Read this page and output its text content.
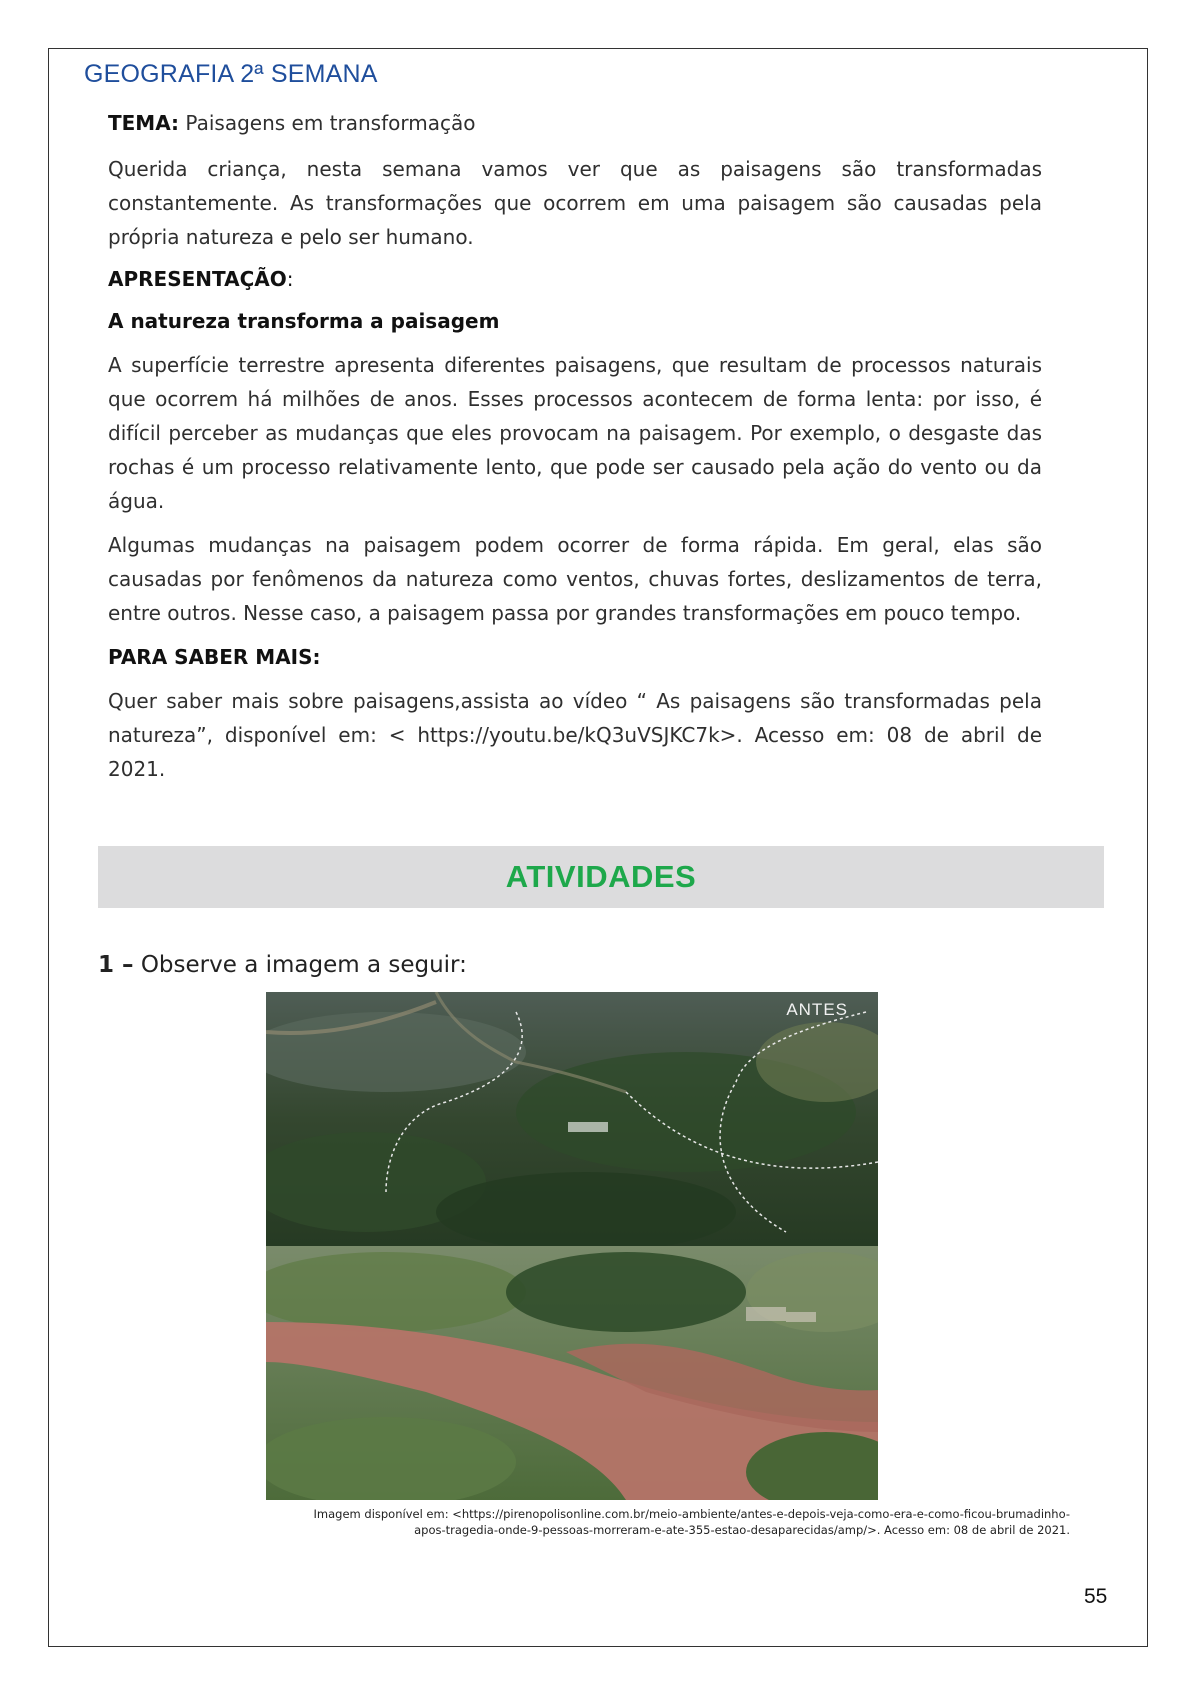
GEOGRAFIA 2ª SEMANA

TEMA: Paisagens em transformação

Querida criança, nesta semana vamos ver que as paisagens são transformadas constantemente. As transformações que ocorrem em uma paisagem são causadas pela própria natureza e pelo ser humano.

APRESENTAÇÃO:

A natureza transforma a paisagem

A superfície terrestre apresenta diferentes paisagens, que resultam de processos naturais que ocorrem há milhões de anos. Esses processos acontecem de forma lenta: por isso, é difícil perceber as mudanças que eles provocam na paisagem. Por exemplo, o desgaste das rochas é um processo relativamente lento, que pode ser causado pela ação do vento ou da água.

Algumas mudanças na paisagem podem ocorrer de forma rápida. Em geral, elas são causadas por fenômenos da natureza como ventos, chuvas fortes, deslizamentos de terra, entre outros. Nesse caso, a paisagem passa por grandes transformações em pouco tempo.

PARA SABER MAIS:

Quer saber mais sobre paisagens,assista ao vídeo “ As paisagens são transformadas pela natureza”, disponível em: < https://youtu.be/kQ3uVSJKC7k>. Acesso em: 08 de abril de 2021.

ATIVIDADES
1 – Observe a imagem a seguir:
ANTES
Imagem disponível em: <https://pirenopolisonline.com.br/meio-ambiente/antes-e-depois-veja-como-era-e-como-ficou-brumadinho-
apos-tragedia-onde-9-pessoas-morreram-e-ate-355-estao-desaparecidas/amp/>. Acesso em: 08 de abril de 2021.
55
